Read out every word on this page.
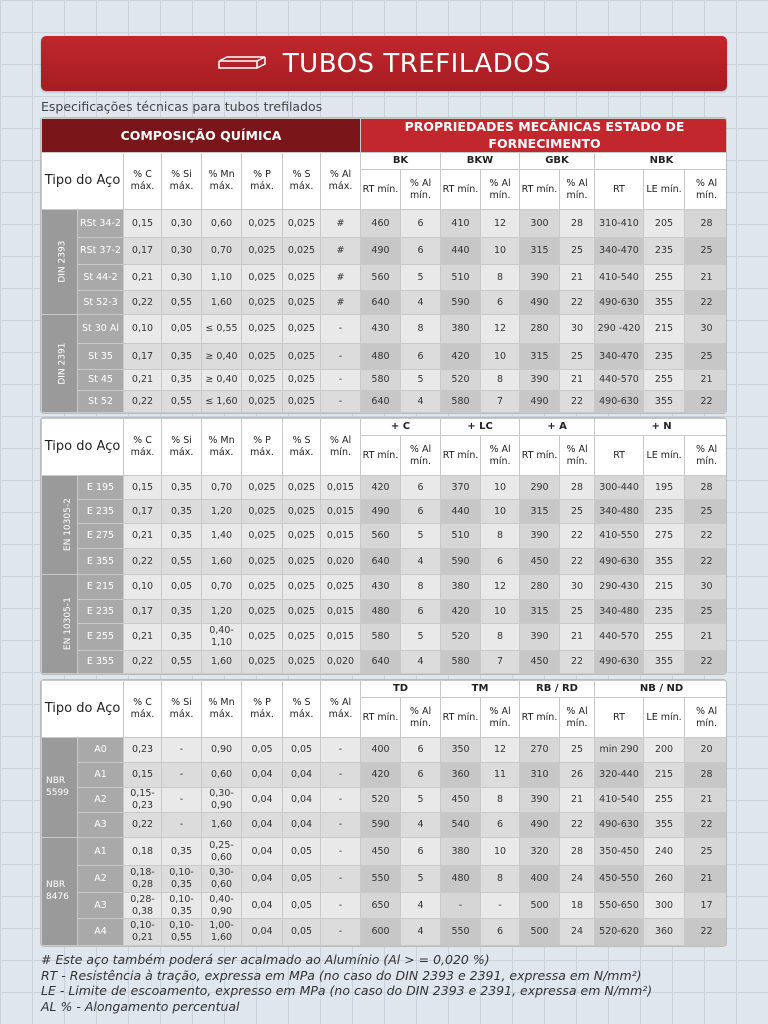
TUBOS TREFILADOS
Especificações técnicas para tubos trefilados
COMPOSIÇÃO QUÍMICA								PROPRIEDADES MECÂNICAS ESTADO DE FORNECIMENTO								
Tipo do Aço		% C máx.	% Si máx.	% Mn máx.	% P máx.	% S máx.	% Al máx.	BK		BKW		GBK		NBK		
								RT mín.	% Al mín.	RT mín.	% Al mín.	RT mín.	% Al mín.	RT	LE mín.	% Al mín.
DIN 2393	RSt 34-2	0,15	0,30	0,60	0,025	0,025	#	460	6	410	12	300	28	310-410	205	28
	RSt 37-2	0,17	0,30	0,70	0,025	0,025	#	490	6	440	10	315	25	340-470	235	25
	St 44-2	0,21	0,30	1,10	0,025	0,025	#	560	5	510	8	390	21	410-540	255	21
	St 52-3	0,22	0,55	1,60	0,025	0,025	#	640	4	590	6	490	22	490-630	355	22
DIN 2391	St 30 Al	0,10	0,05	≤ 0,55	0,025	0,025	-	430	8	380	12	280	30	290 -420	215	30
	St 35	0,17	0,35	≥ 0,40	0,025	0,025	-	480	6	420	10	315	25	340-470	235	25
	St 45	0,21	0,35	≥ 0,40	0,025	0,025	-	580	5	520	8	390	21	440-570	255	21
	St 52	0,22	0,55	≤ 1,60	0,025	0,025	-	640	4	580	7	490	22	490-630	355	22
Tipo do Aço		% C máx.	% Si máx.	% Mn máx.	% P máx.	% S máx.	% Al mín.	+ C		+ LC		+ A		+ N		
								RT mín.	% Al mín.	RT mín.	% Al mín.	RT mín.	% Al mín.	RT	LE mín.	% Al mín.
EN 10305-2	E 195	0,15	0,35	0,70	0,025	0,025	0,015	420	6	370	10	290	28	300-440	195	28
	E 235	0,17	0,35	1,20	0,025	0,025	0,015	490	6	440	10	315	25	340-480	235	25
	E 275	0,21	0,35	1,40	0,025	0,025	0,015	560	5	510	8	390	22	410-550	275	22
	E 355	0,22	0,55	1,60	0,025	0,025	0,020	640	4	590	6	450	22	490-630	355	22
EN 10305-1	E 215	0,10	0,05	0,70	0,025	0,025	0,025	430	8	380	12	280	30	290-430	215	30
	E 235	0,17	0,35	1,20	0,025	0,025	0,015	480	6	420	10	315	25	340-480	235	25
	E 255	0,21	0,35	0,40- 1,10	0,025	0,025	0,015	580	5	520	8	390	21	440-570	255	21
	E 355	0,22	0,55	1,60	0,025	0,025	0,020	640	4	580	7	450	22	490-630	355	22
Tipo do Aço		% C máx.	% Si máx.	% Mn máx.	% P máx.	% S máx.	% Al máx.	TD		TM		RB / RD		NB / ND		
								RT mín.	% Al mín.	RT mín.	% Al mín.	RT mín.	% Al mín.	RT	LE mín.	% Al mín.
NBR 5599	A0	0,23	-	0,90	0,05	0,05	-	400	6	350	12	270	25	min 290	200	20
	A1	0,15	-	0,60	0,04	0,04	-	420	6	360	11	310	26	320-440	215	28
	A2	0,15- 0,23	-	0,30- 0,90	0,04	0,04	-	520	5	450	8	390	21	410-540	255	21
	A3	0,22	-	1,60	0,04	0,04	-	590	4	540	6	490	22	490-630	355	22
NBR 8476	A1	0,18	0,35	0,25- 0,60	0,04	0,05	-	450	6	380	10	320	28	350-450	240	25
	A2	0,18- 0,28	0,10- 0,35	0,30- 0,60	0,04	0,05	-	550	5	480	8	400	24	450-550	260	21
	A3	0,28- 0,38	0,10- 0,35	0,40- 0,90	0,04	0,05	-	650	4	-	-	500	18	550-650	300	17
	A4	0,10- 0,21	0,10- 0,55	1,00- 1,60	0,04	0,05	-	600	4	550	6	500	24	520-620	360	22
# Este aço também poderá ser acalmado ao Alumínio (Al > = 0,020 %)
RT - Resistência à tração, expressa em MPa (no caso do DIN 2393 e 2391, expressa em N/mm²)
LE - Limite de escoamento, expresso em MPa (no caso do DIN 2393 e 2391, expressa em N/mm²)
AL % - Alongamento percentual
